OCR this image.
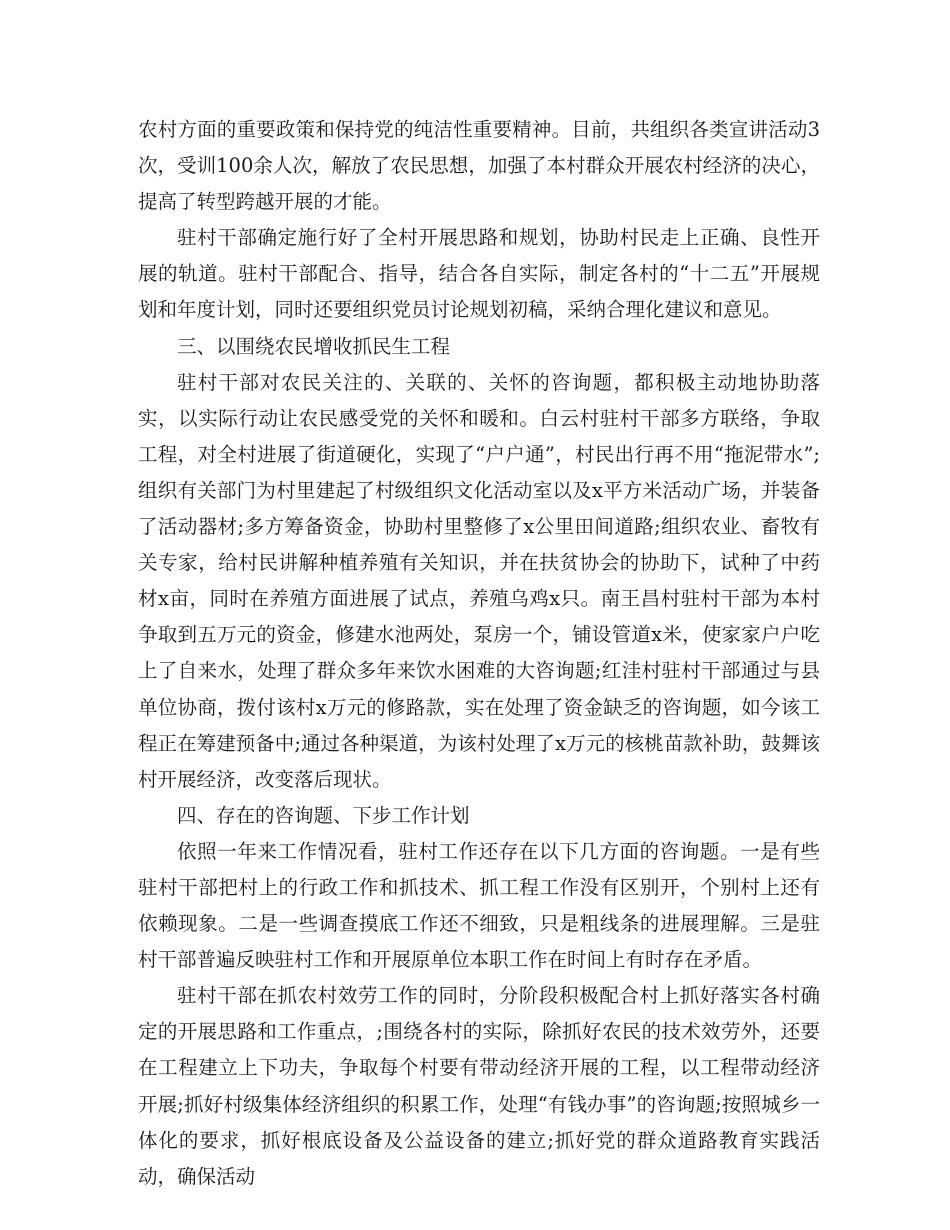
农村方面的重要政策和保持党的纯洁性重要精神。目前，共组织各类宣讲活动3次，受训100余人次，解放了农民思想，加强了本村群众开展农村经济的决心，提高了转型跨越开展的才能。

驻村干部确定施行好了全村开展思路和规划，协助村民走上正确、良性开展的轨道。驻村干部配合、指导，结合各自实际，制定各村的“十二五”开展规划和年度计划，同时还要组织党员讨论规划初稿，采纳合理化建议和意见。

三、以围绕农民增收抓民生工程

驻村干部对农民关注的、关联的、关怀的咨询题，都积极主动地协助落实，以实际行动让农民感受党的关怀和暖和。白云村驻村干部多方联络，争取工程，对全村进展了街道硬化，实现了“户户通”，村民出行再不用“拖泥带水”;组织有关部门为村里建起了村级组织文化活动室以及x平方米活动广场，并装备了活动器材;多方筹备资金，协助村里整修了x公里田间道路;组织农业、畜牧有关专家，给村民讲解种植养殖有关知识，并在扶贫协会的协助下，试种了中药材x亩，同时在养殖方面进展了试点，养殖乌鸡x只。南王昌村驻村干部为本村争取到五万元的资金，修建水池两处，泵房一个，铺设管道x米，使家家户户吃上了自来水，处理了群众多年来饮水困难的大咨询题;红洼村驻村干部通过与县单位协商，拨付该村x万元的修路款，实在处理了资金缺乏的咨询题，如今该工程正在筹建预备中;通过各种渠道，为该村处理了x万元的核桃苗款补助，鼓舞该村开展经济，改变落后现状。

四、存在的咨询题、下步工作计划

依照一年来工作情况看，驻村工作还存在以下几方面的咨询题。一是有些驻村干部把村上的行政工作和抓技术、抓工程工作没有区别开，个别村上还有依赖现象。二是一些调查摸底工作还不细致，只是粗线条的进展理解。三是驻村干部普遍反映驻村工作和开展原单位本职工作在时间上有时存在矛盾。

驻村干部在抓农村效劳工作的同时，分阶段积极配合村上抓好落实各村确定的开展思路和工作重点，;围绕各村的实际，除抓好农民的技术效劳外，还要在工程建立上下功夫，争取每个村要有带动经济开展的工程，以工程带动经济开展;抓好村级集体经济组织的积累工作，处理“有钱办事”的咨询题;按照城乡一体化的要求，抓好根底设备及公益设备的建立;抓好党的群众道路教育实践活动，确保活动
